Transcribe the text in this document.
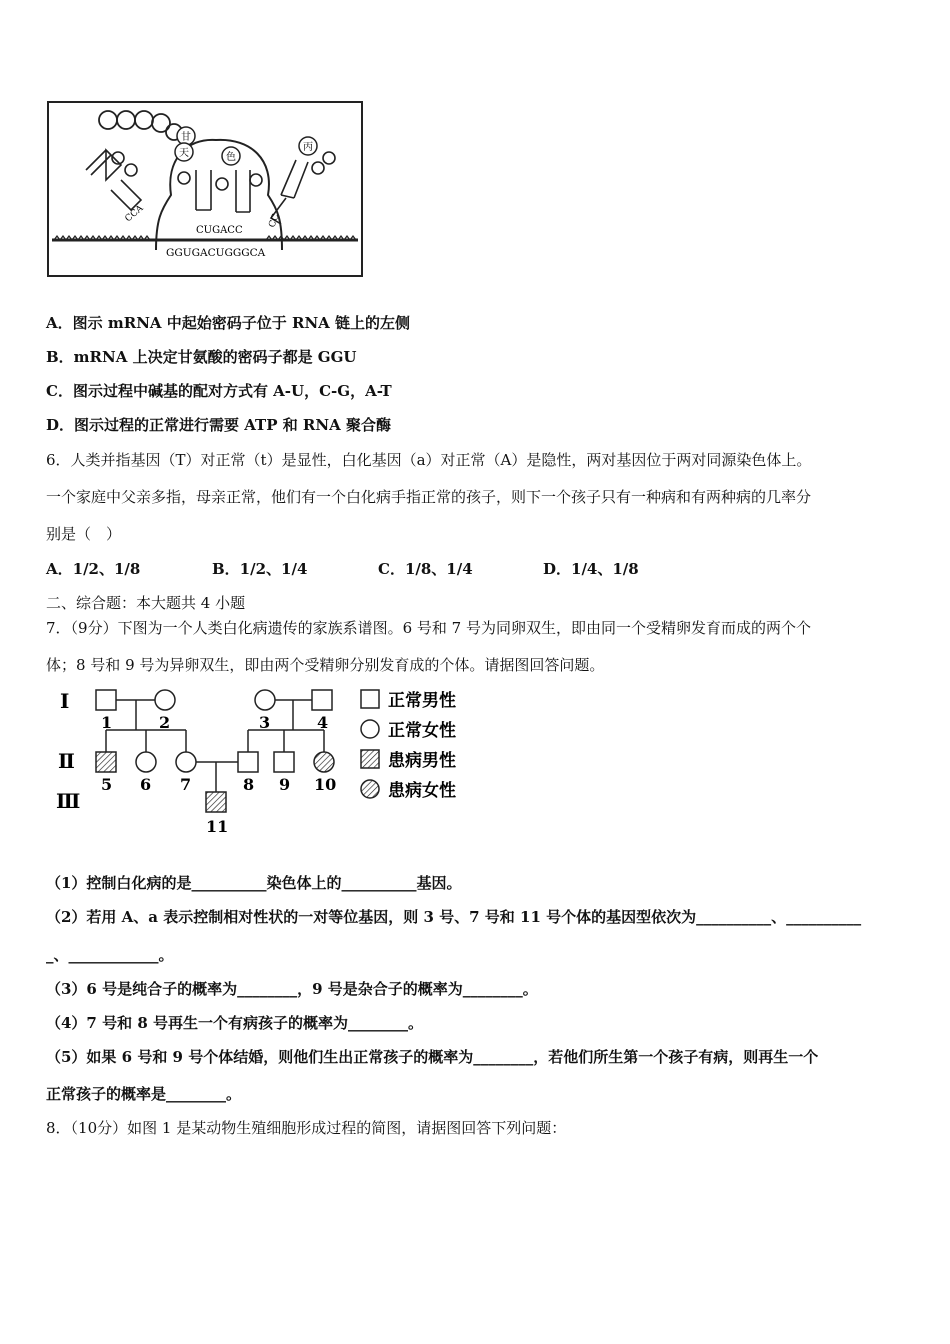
甘
天	色
丙
CCA
CUGACC
CC
GGUGACUGGGCA
A．图示 mRNA 中起始密码子位于 RNA 链上的左侧
B．mRNA 上决定甘氨酸的密码子都是 GGU
C．图示过程中碱基的配对方式有 A-U，C-G，A-T
D．图示过程的正常进行需要 ATP 和 RNA 聚合酶
6．人类并指基因（T）对正常（t）是显性，白化基因（a）对正常（A）是隐性，两对基因位于两对同源染色体上。
一个家庭中父亲多指，母亲正常，他们有一个白化病手指正常的孩子，则下一个孩子只有一种病和有两种病的几率分
别是（　）
A．1/2、1/8	B．1/2、1/4	C．1/8、1/4	D．1/4、1/8
二、综合题：本大题共 4 小题
7．（9分）下图为一个人类白化病遗传的家族系谱图。6 号和 7 号为同卵双生，即由同一个受精卵发育而成的两个个
体；8 号和 9 号为异卵双生，即由两个受精卵分别发育成的个体。请据图回答问题。
Ⅰ
Ⅱ
Ⅲ
1	2	3	4
5 6 7	8 9 10
11
正常男性
正常女性
患病男性
患病女性
（1）控制白化病的是__________染色体上的__________基因。
（2）若用 A、a 表示控制相对性状的一对等位基因，则 3 号、7 号和 11 号个体的基因型依次为__________、__________
_、____________。
（3）6 号是纯合子的概率为________，9 号是杂合子的概率为________。
（4）7 号和 8 号再生一个有病孩子的概率为________。
（5）如果 6 号和 9 号个体结婚，则他们生出正常孩子的概率为________，若他们所生第一个孩子有病，则再生一个
正常孩子的概率是________。
8．（10分）如图 1 是某动物生殖细胞形成过程的简图，请据图回答下列问题：
